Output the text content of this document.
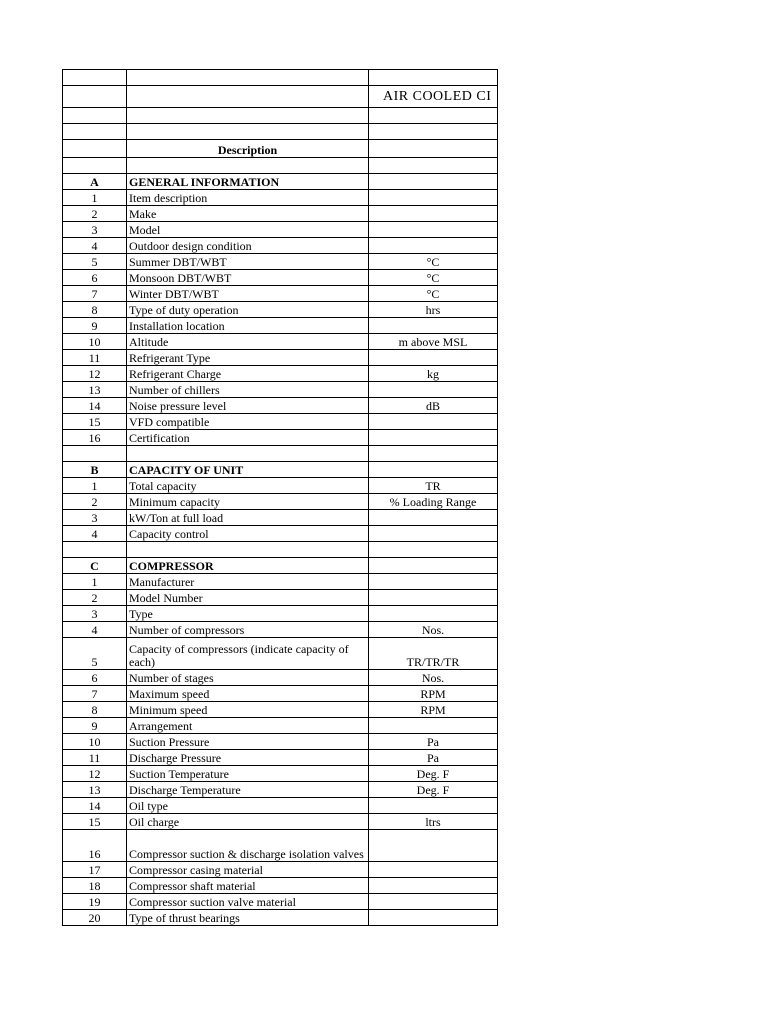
		AIR COOLED CI

	Description	

A	GENERAL INFORMATION	
1	Item description	
2	Make	
3	Model	
4	Outdoor design condition	
5	Summer DBT/WBT	°C
6	Monsoon DBT/WBT	°C
7	Winter DBT/WBT	°C
8	Type of duty operation	hrs
9	Installation location	
10	Altitude	m above MSL
11	Refrigerant Type	
12	Refrigerant Charge	kg
13	Number of chillers	
14	Noise pressure level	dB
15	VFD compatible	
16	Certification	

B	CAPACITY OF UNIT	
1	Total capacity	TR
2	Minimum capacity	% Loading Range
3	kW/Ton at full load	
4	Capacity control	

C	COMPRESSOR	
1	Manufacturer	
2	Model Number	
3	Type	
4	Number of compressors	Nos.
5	Capacity of compressors (indicate capacity of each)	TR/TR/TR
6	Number of stages	Nos.
7	Maximum speed	RPM
8	Minimum speed	RPM
9	Arrangement	
10	Suction Pressure	Pa
11	Discharge Pressure	Pa
12	Suction Temperature	Deg. F
13	Discharge Temperature	Deg. F
14	Oil type	
15	Oil charge	ltrs
16	Compressor suction & discharge isolation valves	
17	Compressor casing material	
18	Compressor shaft material	
19	Compressor suction valve material	
20	Type of thrust bearings	
